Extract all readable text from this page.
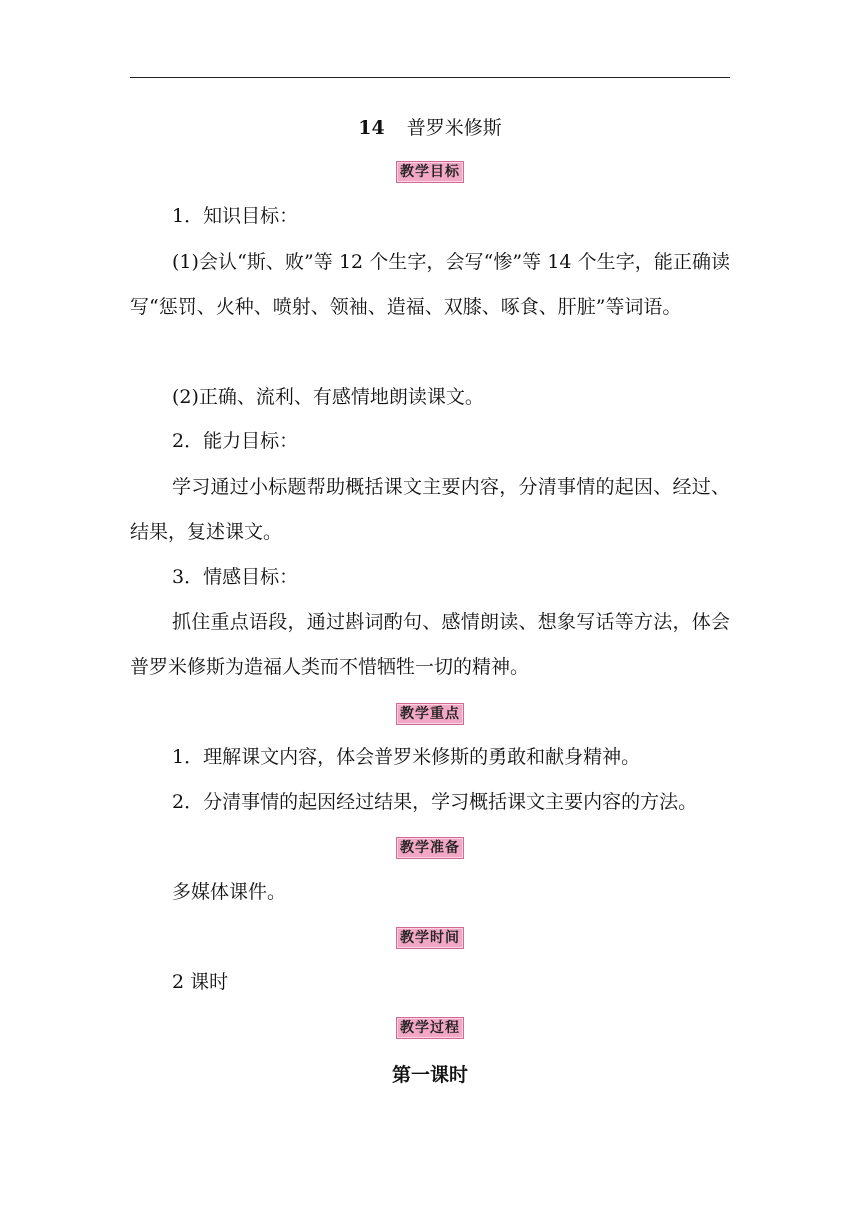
14 普罗米修斯
教学目标
1．知识目标：
(1)会认“斯、败”等 12 个生字，会写“惨”等 14 个生字，能正确读写“惩罚、火种、喷射、领袖、造福、双膝、啄食、肝脏”等词语。
(2)正确、流利、有感情地朗读课文。
2．能力目标：
学习通过小标题帮助概括课文主要内容，分清事情的起因、经过、结果，复述课文。
3．情感目标：
抓住重点语段，通过斟词酌句、感情朗读、想象写话等方法，体会普罗米修斯为造福人类而不惜牺牲一切的精神。
教学重点
1．理解课文内容，体会普罗米修斯的勇敢和献身精神。
2．分清事情的起因经过结果，学习概括课文主要内容的方法。
教学准备
多媒体课件。
教学时间
2 课时
教学过程
第一课时
